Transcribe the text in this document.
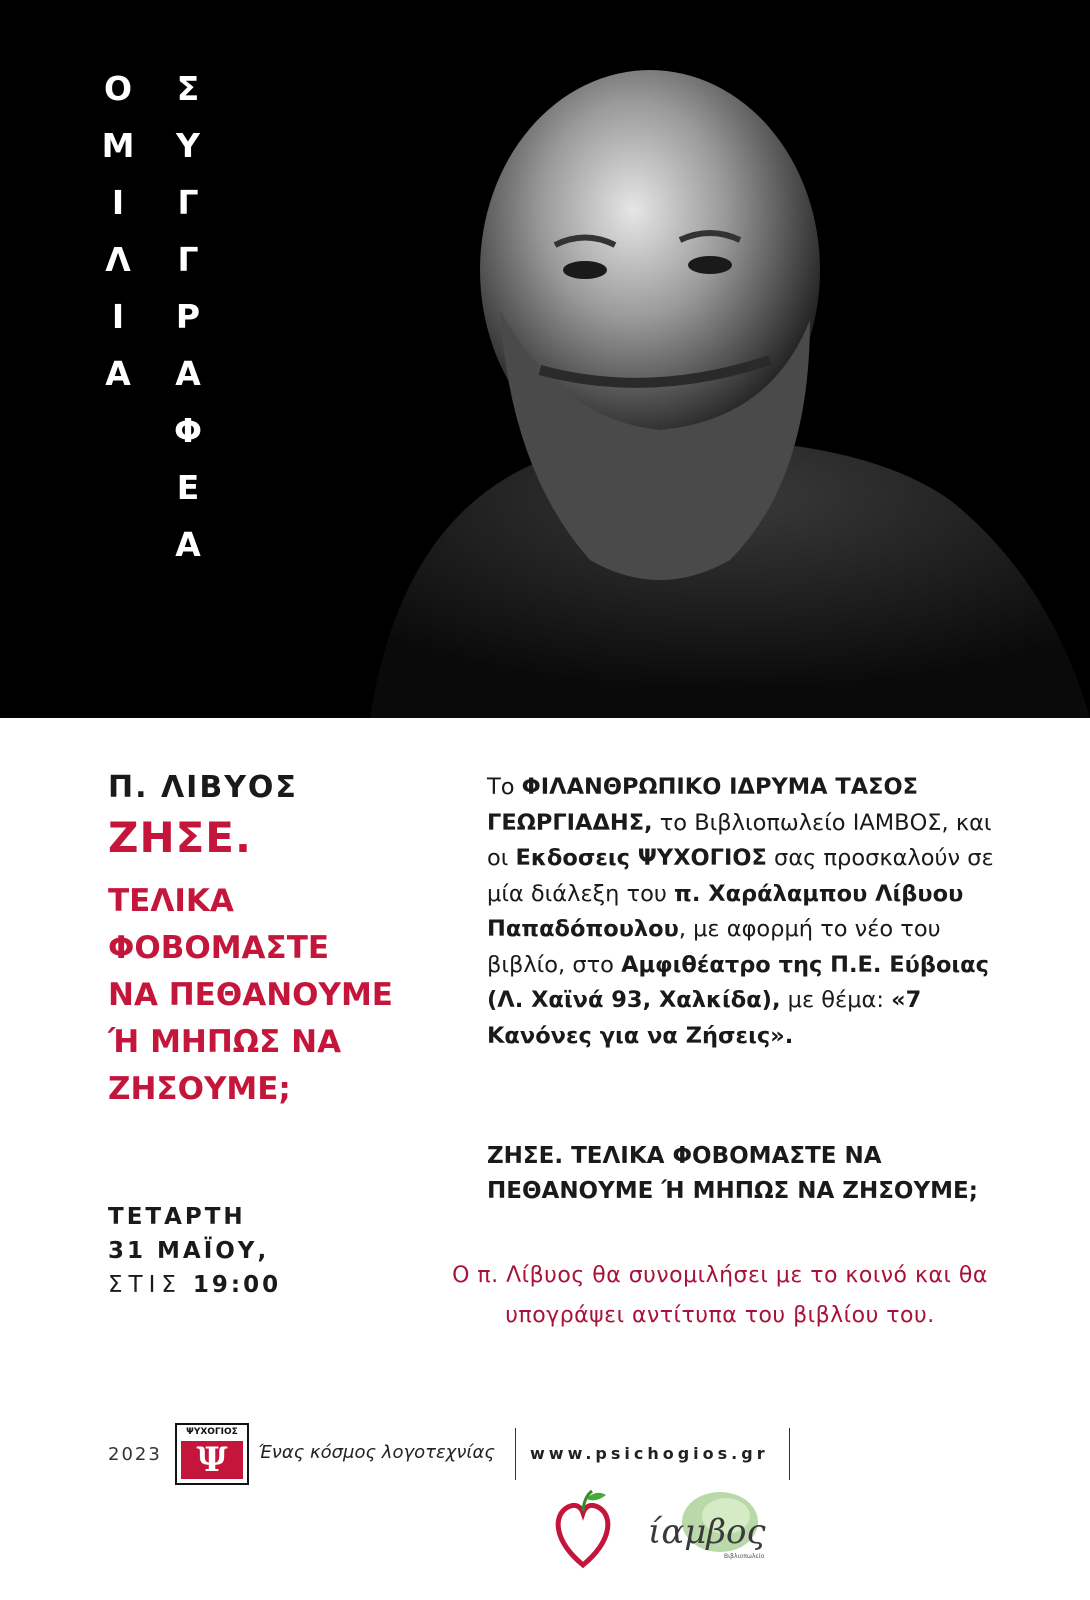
Ο
Μ
Ι
Λ
Ι
Α
Σ
Υ
Γ
Γ
Ρ
Α
Φ
Ε
Α

Π. ΛΙΒΥΟΣ

ΖΗΣΕ.

ΤΕΛΙΚΑ
ΦΟΒΟΜΑΣΤΕ
ΝΑ ΠΕΘΑΝΟΥΜΕ
Ή ΜΗΠΩΣ ΝΑ
ΖΗΣΟΥΜΕ;

ΤΕΤΑΡΤΗ
31 ΜΑΪΟΥ,
ΣΤΙΣ 19:00
Το ΦΙΛΑΝΘΡΩΠΙΚΟ ΙΔΡΥΜΑ ΤΑΣΟΣ ΓΕΩΡΓΙΑΔΗΣ, το Βιβλιοπωλείο ΙΑΜΒΟΣ, και οι Εκδοσεις ΨΥΧΟΓΙΟΣ σας προσκαλούν σε μία διάλεξη του π. Χαράλαμπου Λίβυου Παπαδόπουλου, με αφορμή το νέο του βιβλίο, στο Αμφιθέατρο της Π.Ε. Εύβοιας (Λ. Χαϊνά 93, Χαλκίδα), με θέμα: «7 Κανόνες για να Ζήσεις».
ΖΗΣΕ. ΤΕΛΙΚΑ ΦΟΒΟΜΑΣΤΕ ΝΑ ΠΕΘΑΝΟΥΜΕ Ή ΜΗΠΩΣ ΝΑ ΖΗΣΟΥΜΕ;
Ο π. Λίβυος θα συνομιλήσει με το κοινό και θα υπογράψει αντίτυπα του βιβλίου του.
2023
ΨΥΧΟΓΙΟΣ
Ψ	Ένας κόσμος λογοτεχνίας www.psichogios.gr
ίαμβος
Βιβλιοπωλείο
